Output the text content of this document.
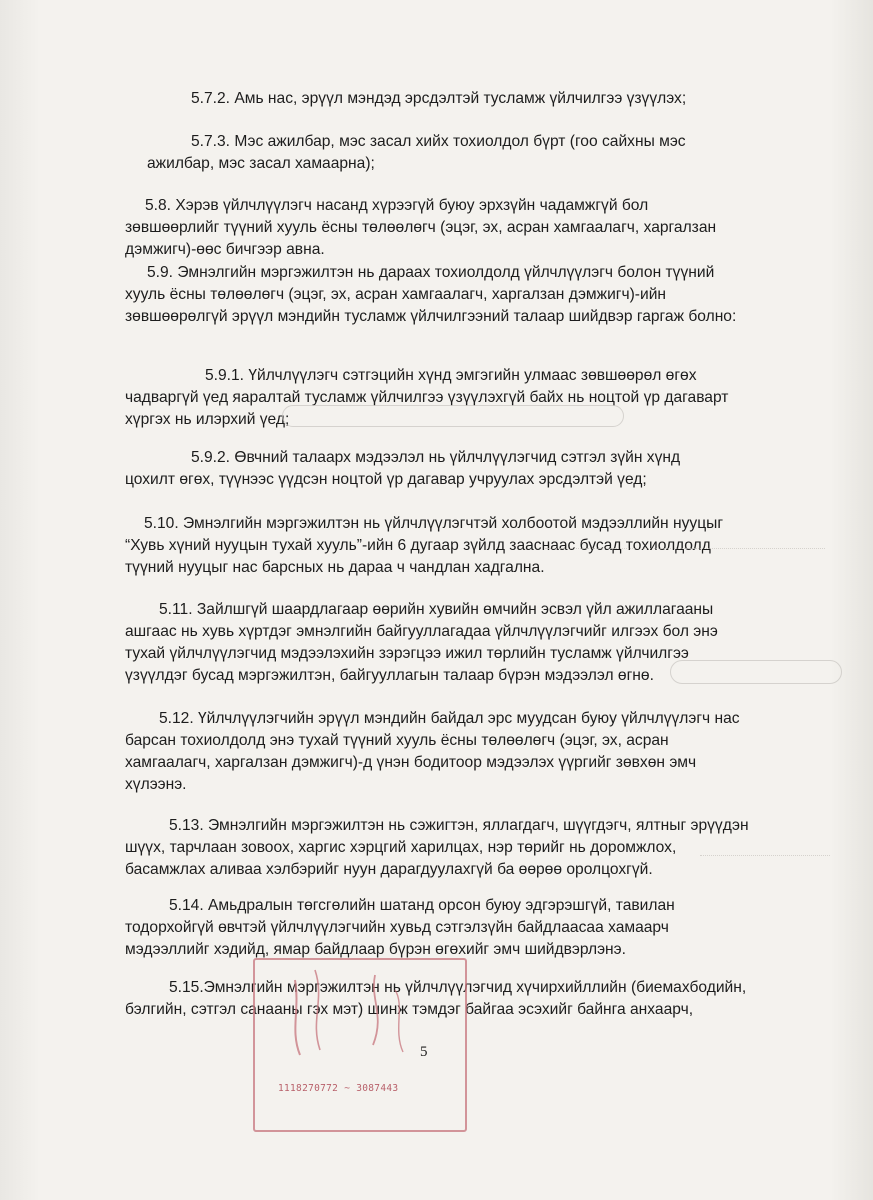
5.7.2. Амь нас, эрүүл мэндэд эрсдэлтэй тусламж үйлчилгээ үзүүлэх;
5.7.3. Мэс ажилбар, мэс засал хийх тохиолдол бүрт (гоо сайхны мэс
ажилбар, мэс засал хамаарна);
5.8. Хэрэв үйлчлүүлэгч насанд хүрээгүй буюу эрхзүйн чадамжгүй бол
зөвшөөрлийг түүний хууль ёсны төлөөлөгч (эцэг, эх, асран хамгаалагч, харгалзан
дэмжигч)-өөс бичгээр авна.
5.9. Эмнэлгийн мэргэжилтэн нь дараах тохиолдолд үйлчлүүлэгч болон түүний
хууль ёсны төлөөлөгч (эцэг, эх, асран хамгаалагч, харгалзан дэмжигч)-ийн
зөвшөөрөлгүй эрүүл мэндийн тусламж үйлчилгээний талаар шийдвэр гаргаж болно:
5.9.1. Үйлчлүүлэгч сэтгэцийн хүнд эмгэгийн улмаас зөвшөөрөл өгөх
чадваргүй үед яаралтай тусламж үйлчилгээ үзүүлэхгүй байх нь ноцтой үр дагаварт
хүргэх нь илэрхий үед;
5.9.2. Өвчний талаарх мэдээлэл нь үйлчлүүлэгчид сэтгэл зүйн хүнд
цохилт өгөх, түүнээс үүдсэн ноцтой үр дагавар учруулах эрсдэлтэй үед;
5.10. Эмнэлгийн мэргэжилтэн нь үйлчлүүлэгчтэй холбоотой мэдээллийн нууцыг
“Хувь хүний нууцын тухай хууль”-ийн 6 дугаар зүйлд зааснаас бусад тохиолдолд
түүний нууцыг нас барсных нь дараа ч чандлан хадгална.
5.11. Зайлшгүй шаардлагаар өөрийн хувийн өмчийн эсвэл үйл ажиллагааны
ашгаас нь хувь хүртдэг эмнэлгийн байгууллагадаа үйлчлүүлэгчийг илгээх бол энэ
тухай үйлчлүүлэгчид мэдээлэхийн зэрэгцээ ижил төрлийн тусламж үйлчилгээ
үзүүлдэг бусад мэргэжилтэн, байгууллагын талаар бүрэн мэдээлэл өгнө.
5.12. Үйлчлүүлэгчийн эрүүл мэндийн байдал эрс муудсан буюу үйлчлүүлэгч нас
барсан тохиолдолд энэ тухай түүний хууль ёсны төлөөлөгч (эцэг, эх, асран
хамгаалагч, харгалзан дэмжигч)-д үнэн бодитоор мэдээлэх үүргийг зөвхөн эмч
хүлээнэ.
5.13. Эмнэлгийн мэргэжилтэн нь сэжигтэн, яллагдагч, шүүгдэгч, ялтныг эрүүдэн
шүүх, тарчлаан зовоох, харгис хэрцгий харилцах, нэр төрийг нь доромжлох,
басамжлах аливаа хэлбэрийг нуун дарагдуулахгүй ба өөрөө оролцохгүй.
5.14. Амьдралын төгсгөлийн шатанд орсон буюу эдгэрэшгүй, тавилан
тодорхойгүй өвчтэй үйлчлүүлэгчийн хувьд сэтгэлзүйн байдлаасаа хамаарч
мэдээллийг хэдийд, ямар байдлаар бүрэн өгөхийг эмч шийдвэрлэнэ.
5.15.Эмнэлгийн мэргэжилтэн нь үйлчлүүлэгчид хүчирхийллийн (биемахбодийн,
бэлгийн, сэтгэл санааны гэх мэт) шинж тэмдэг байгаа эсэхийг байнга анхаарч,
1118270772 ~ 3087443
5
